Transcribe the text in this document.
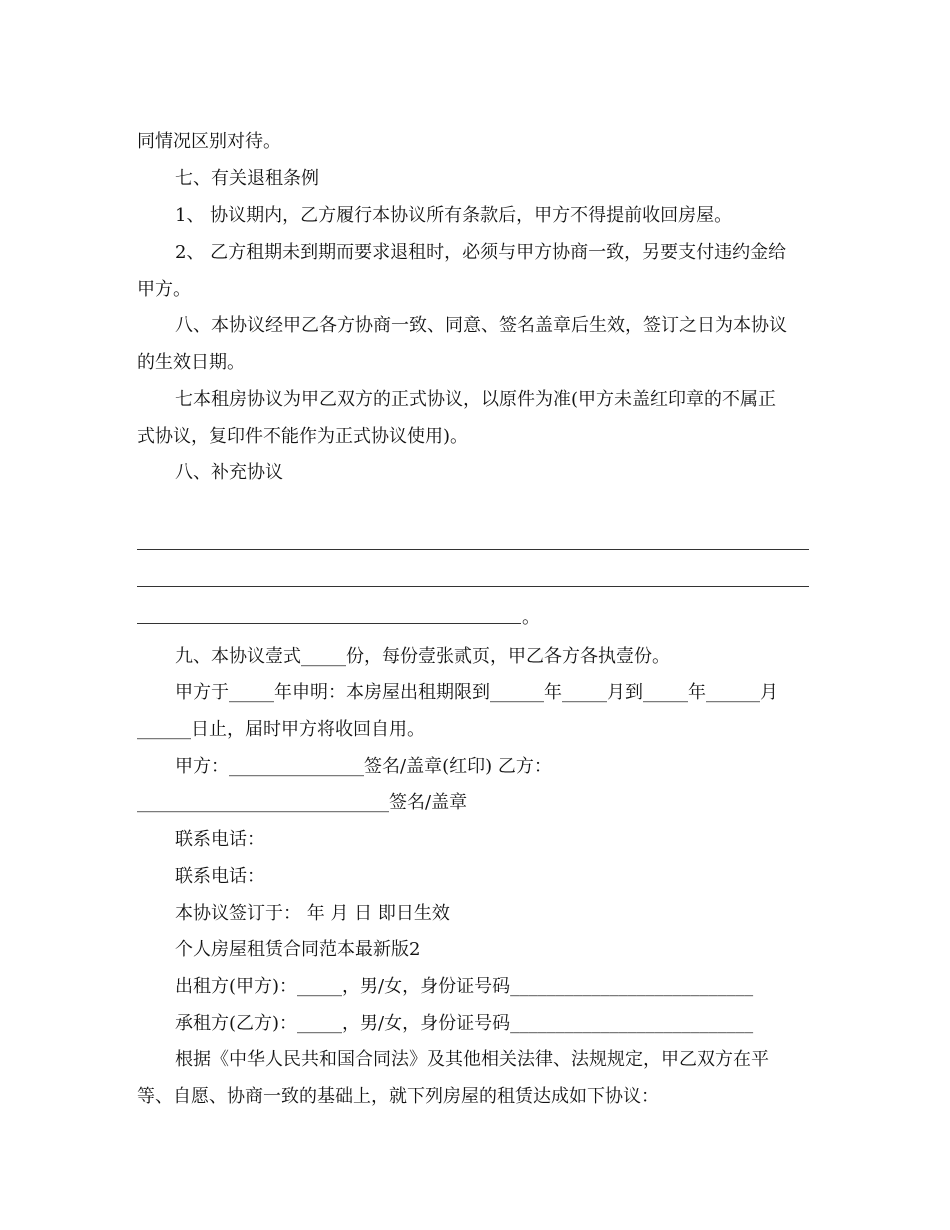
同情况区别对待。
七、有关退租条例
1、 协议期内，乙方履行本协议所有条款后，甲方不得提前收回房屋。
2、 乙方租期未到期而要求退租时，必须与甲方协商一致，另要支付违约金给
甲方。
八、本协议经甲乙各方协商一致、同意、签名盖章后生效，签订之日为本协议
的生效日期。
七本租房协议为甲乙双方的正式协议，以原件为准(甲方未盖红印章的不属正
式协议，复印件不能作为正式协议使用)。
八、补充协议
。
九、本协议壹式_____份，每份壹张贰页，甲乙各方各执壹份。
甲方于_____年申明：本房屋出租期限到______年_____月到_____年______月
______日止，届时甲方将收回自用。
甲方：_______________签名/盖章(红印) 乙方：
____________________________签名/盖章
联系电话：
联系电话：
本协议签订于： 年 月 日 即日生效
个人房屋租赁合同范本最新版2
出租方(甲方)：_____，男/女，身份证号码___________________________
承租方(乙方)：_____，男/女，身份证号码___________________________
根据《中华人民共和国合同法》及其他相关法律、法规规定，甲乙双方在平
等、自愿、协商一致的基础上，就下列房屋的租赁达成如下协议：
